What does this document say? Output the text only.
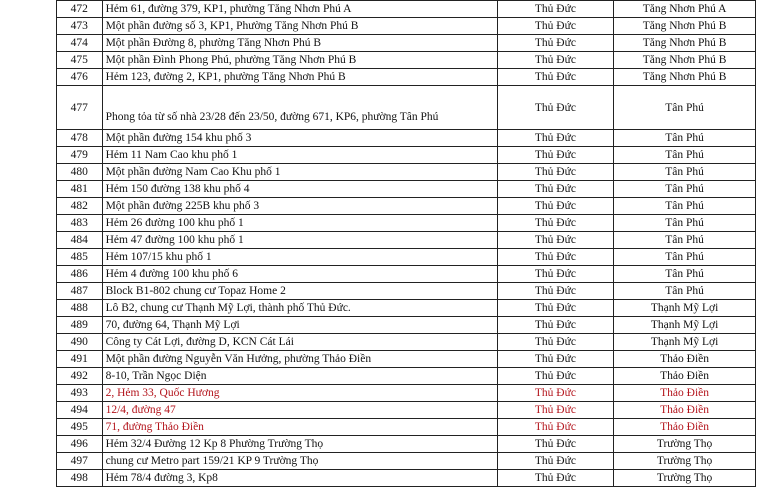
472	Hẻm 61, đường 379, KP1, phường Tăng Nhơn Phú A	Thủ Đức	Tăng Nhơn Phú A
473	Một phần đường số 3, KP1, Phường Tăng Nhơn Phú B	Thủ Đức	Tăng Nhơn Phú B
474	Một phần Đường 8, phường Tăng Nhơn Phú B	Thủ Đức	Tăng Nhơn Phú B
475	Một phần Đình Phong Phú, phường Tăng Nhơn Phú B	Thủ Đức	Tăng Nhơn Phú B
476	Hẻm 123, đường 2, KP1, phường Tăng Nhơn Phú B	Thủ Đức	Tăng Nhơn Phú B
477	Phong tỏa từ số nhà 23/28 đến 23/50, đường 671, KP6, phường Tân Phú	Thủ Đức	Tân Phú
478	Một phần đường 154 khu phố 3	Thủ Đức	Tân Phú
479	Hẻm 11 Nam Cao khu phố 1	Thủ Đức	Tân Phú
480	Một phần đường Nam Cao Khu phố 1	Thủ Đức	Tân Phú
481	Hẻm 150 đường 138 khu phố 4	Thủ Đức	Tân Phú
482	Một phần đường 225B khu phố 3	Thủ Đức	Tân Phú
483	Hẻm 26 đường 100 khu phố 1	Thủ Đức	Tân Phú
484	Hẻm 47 đường 100 khu phố 1	Thủ Đức	Tân Phú
485	Hẻm 107/15 khu phố 1	Thủ Đức	Tân Phú
486	Hẻm 4 đường 100 khu phố 6	Thủ Đức	Tân Phú
487	Block B1-802 chung cư Topaz Home 2	Thủ Đức	Tân Phú
488	Lô B2, chung cư Thạnh Mỹ Lợi, thành phố Thủ Đức.	Thủ Đức	Thạnh Mỹ Lợi
489	70, đường 64, Thạnh Mỹ Lợi	Thủ Đức	Thạnh Mỹ Lợi
490	Công ty Cát Lợi, đường D, KCN Cát Lái	Thủ Đức	Thạnh Mỹ Lợi
491	Một phần đường Nguyễn Văn Hưởng, phường Thảo Điền	Thủ Đức	Thảo Điền
492	8-10, Trần Ngọc Diện	Thủ Đức	Thảo Điền
493	2, Hẻm 33, Quốc Hương	Thủ Đức	Thảo Điền
494	12/4, đường 47	Thủ Đức	Thảo Điền
495	71, đường Thảo Điền	Thủ Đức	Thảo Điền
496	Hẻm 32/4 Đường 12 Kp 8 Phường Trường Thọ	Thủ Đức	Trường Thọ
497	chung cư Metro part 159/21 KP 9 Trường Thọ	Thủ Đức	Trường Thọ
498	Hẻm 78/4 đường 3, Kp8	Thủ Đức	Trường Thọ
